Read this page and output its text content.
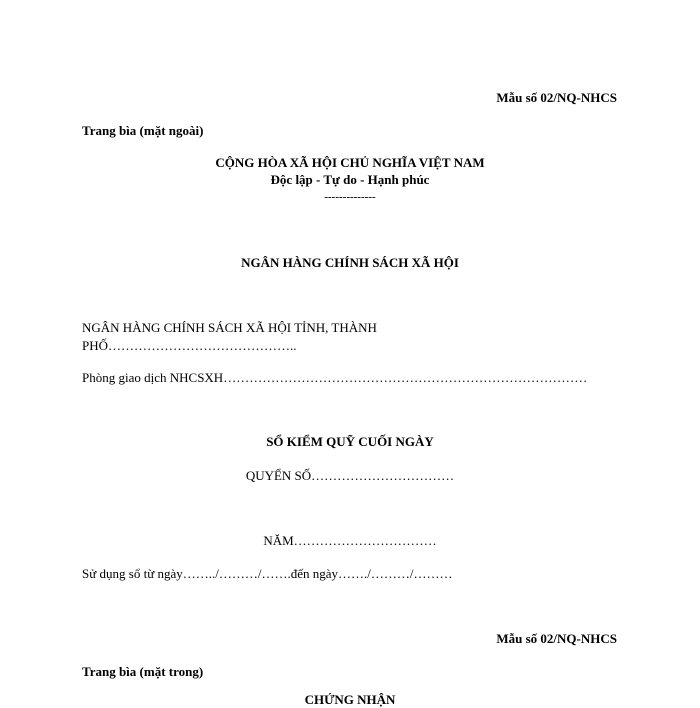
Mẫu số 02/NQ-NHCS
Trang bìa (mặt ngoài)
CỘNG HÒA XÃ HỘI CHỦ NGHĨA VIỆT NAM
Độc lập - Tự do - Hạnh phúc
--------------
NGÂN HÀNG CHÍNH SÁCH XÃ HỘI
NGÂN HÀNG CHÍNH SÁCH XÃ HỘI TỈNH, THÀNH
PHỐ……………………………………..
Phòng giao dịch NHCSXH…………………………………………………………………………
SỔ KIỂM QUỸ CUỐI NGÀY
QUYỂN SỐ……………………………
NĂM……………………………
Sử dụng sổ từ ngày……../………/…….đến ngày……./………/………
Mẫu số 02/NQ-NHCS
Trang bìa (mặt trong)
CHỨNG NHẬN
